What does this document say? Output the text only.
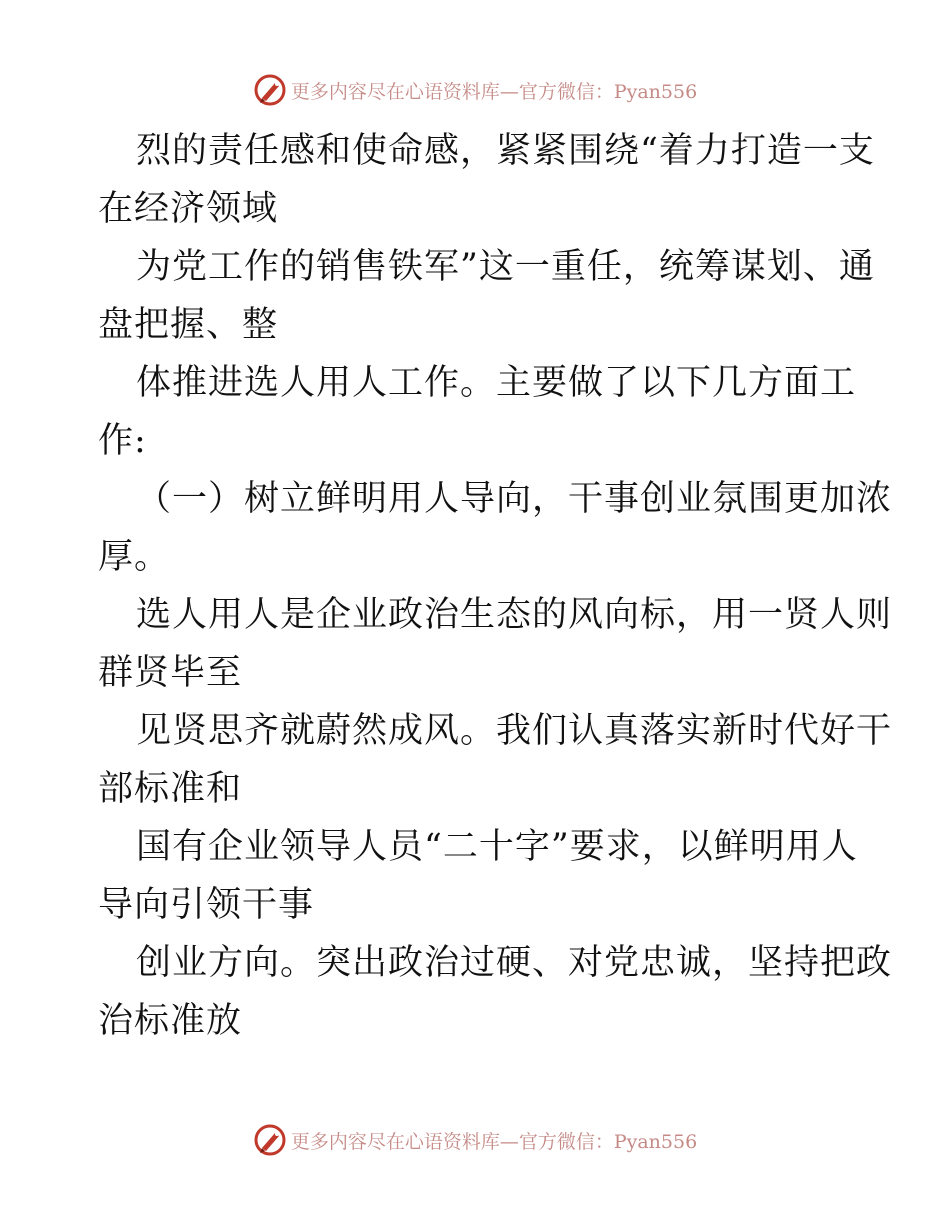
更多内容尽在心语资料库—官方微信：Pyan556
烈的责任感和使命感，紧紧围绕“着力打造一支
在经济领域
为党工作的销售铁军”这一重任，统筹谋划、通
盘把握、整
体推进选人用人工作。主要做了以下几方面工
作:
（一）树立鲜明用人导向，干事创业氛围更加浓
厚。
选人用人是企业政治生态的风向标，用一贤人则
群贤毕至
见贤思齐就蔚然成风。我们认真落实新时代好干
部标准和
国有企业领导人员“二十字”要求，以鲜明用人
导向引领干事
创业方向。突出政治过硬、对党忠诚，坚持把政
治标准放
更多内容尽在心语资料库—官方微信：Pyan556
